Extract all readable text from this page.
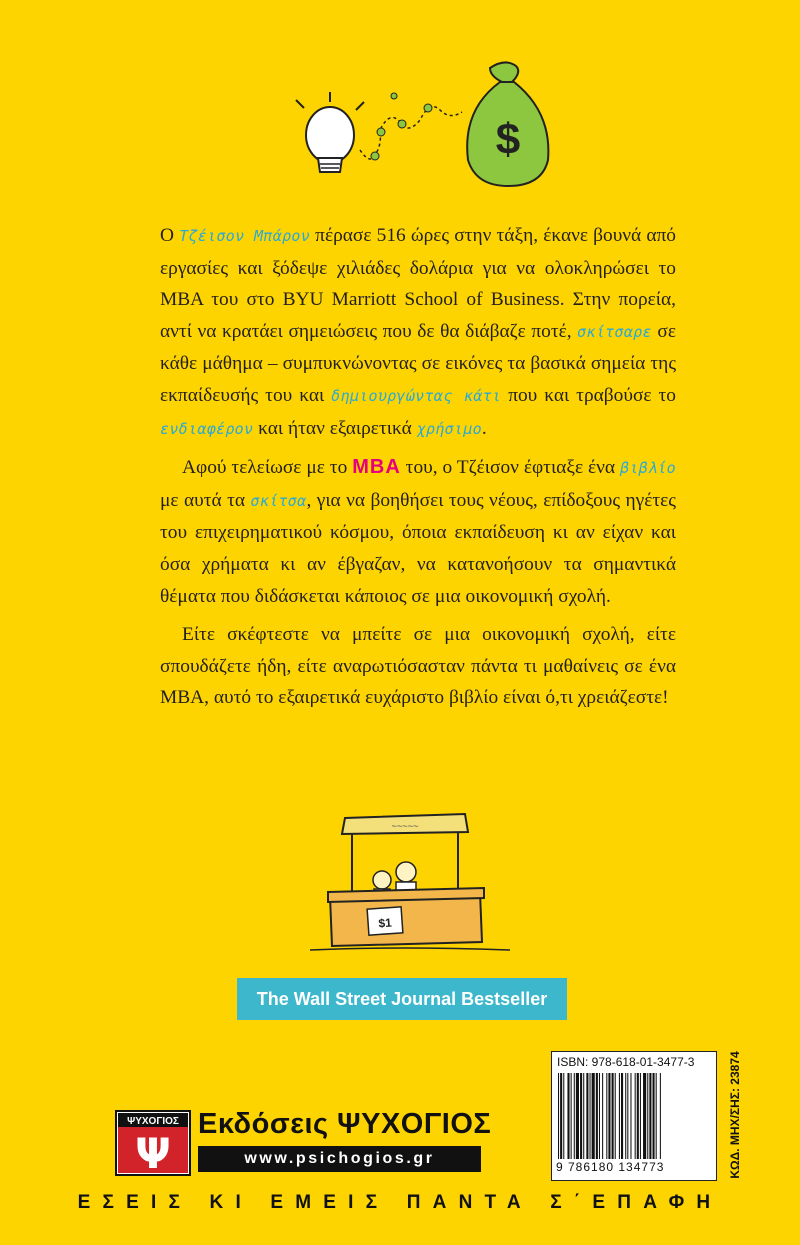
$

Ο Τζέισον Μπάρον πέρασε 516 ώρες στην τάξη, έκανε βουνά από εργασίες και ξόδεψε χιλιάδες δολάρια για να ολοκληρώσει το MBA του στο BYU Marriott School of Business. Στην πορεία, αντί να κρατάει σημειώσεις που δε θα διάβαζε ποτέ, σκίτσαρε σε κάθε μάθημα – συμπυκνώνοντας σε εικόνες τα βασικά σημεία της εκπαίδευσής του και δημιουργώντας κάτι που και τραβούσε το ενδιαφέρον και ήταν εξαιρετικά χρήσιμο.

Αφού τελείωσε με το MBA του, ο Τζέισον έφτιαξε ένα βιβλίο με αυτά τα σκίτσα, για να βοηθήσει τους νέους, επίδοξους ηγέτες του επιχειρηματικού κόσμου, όποια εκπαίδευση κι αν είχαν και όσα χρήματα κι αν έβγαζαν, να κατανοήσουν τα σημαντικά θέματα που διδάσκεται κάποιος σε μια οικονομική σχολή.

Είτε σκέφτεστε να μπείτε σε μια οικονομική σχολή, είτε σπουδάζετε ήδη, είτε αναρωτιόσασταν πάντα τι μαθαίνεις σε ένα MBA, αυτό το εξαιρετικά ευχάριστο βιβλίο είναι ό,τι χρειάζεστε!

~~~~~
$1
The Wall Street Journal Bestseller
ΨΥΧΟΓΙΟΣ
Ψ
Εκδόσεις ΨΥΧΟΓΙΟΣ
www.psichogios.gr
ISBN: 978-618-01-3477-3
9 786180 134773	ΚΩΔ. ΜΗΧ/ΣΗΣ: 23874
ΕΣΕΙΣ ΚΙ ΕΜΕΙΣ ΠΑΝΤΑ Σ΄ΕΠΑΦΗ
